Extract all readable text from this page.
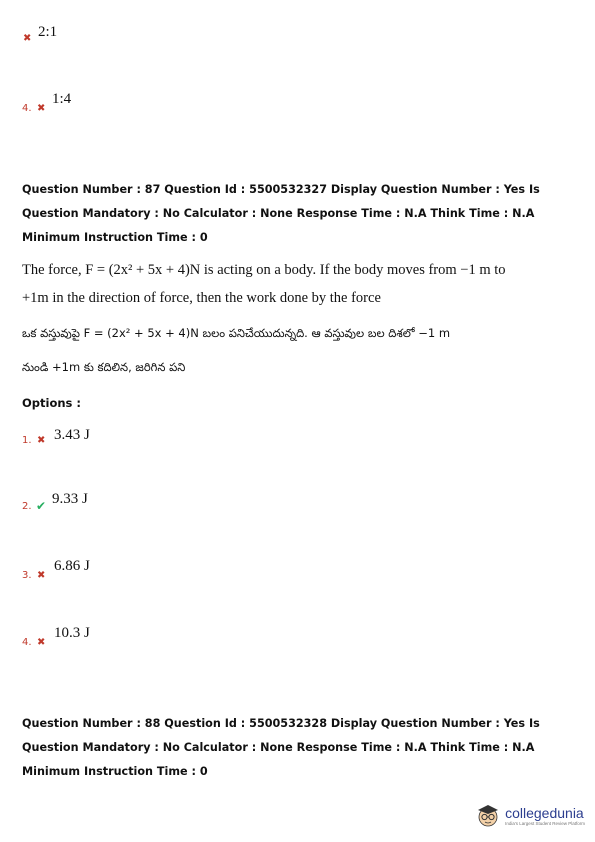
✖ 2:1
4. ✖
1:4
Question Number : 87 Question Id : 5500532327 Display Question Number : Yes Is Question Mandatory : No Calculator : None Response Time : N.A Think Time : N.A Minimum Instruction Time : 0
The force, F = (2x² + 5x + 4)N is acting on a body. If the body moves from −1 m to
+1m in the direction of force, then the work done by the force
ఒక వస్తువుపై F = (2x² + 5x + 4)N బలం పనిచేయుదున్నది. ఆ వస్తువుల బల దిశలో −1 m
నుండి +1m కు కదిలిన, జరిగిన పని
Options :
1. ✖ 3.43 J
2. ✔ 9.33 J
3. ✖
6.86 J
4. ✖
10.3 J
Question Number : 88 Question Id : 5500532328 Display Question Number : Yes Is Question Mandatory : No Calculator : None Response Time : N.A Think Time : N.A Minimum Instruction Time : 0
collegedunia
India's Largest Student Review Platform
